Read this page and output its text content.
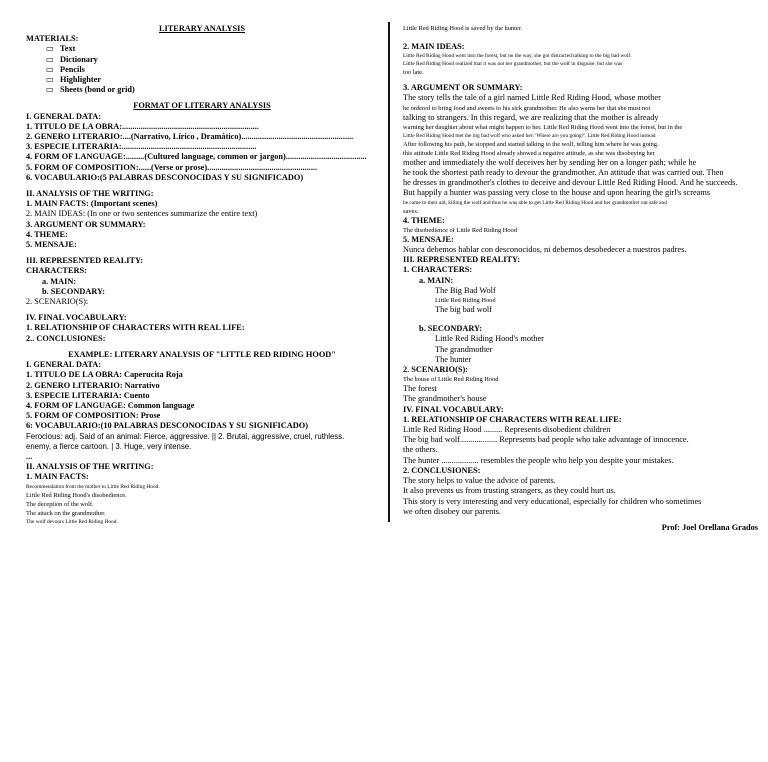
LITERARY ANALYSIS
MATERIALS:
▭ Text
▭ Dictionary
▭ Pencils
▭ Highlighter
▭ Sheets (bond or grid)
FORMAT OF LITERARY ANALYSIS
I. GENERAL DATA:
1. TITULO DE LA OBRA:..................................................................
2. GENERO LITERARIO:....(Narrativo, Lírico , Dramático)......................................................
3. ESPECIE LITERARIA:.................................................................
4. FORM OF LANGUAGE:.........(Cultured language, common or jargon).......................................
5. FORM OF COMPOSITION:......(Verse or prose).....................................................
6. VOCABULARIO:(5 PALABRAS DESCONOCIDAS Y SU SIGNIFICADO)
II. ANALYSIS OF THE WRITING:
1. MAIN FACTS: (Important scenes)
2. MAIN IDEAS: (In one or two sentences summarize the entire text)
3. ARGUMENT OR SUMMARY:
4. THEME:
5. MENSAJE:
III. REPRESENTED REALITY:
CHARACTERS:
a. MAIN:
b. SECONDARY:
2. SCENARIO(S):
IV. FINAL VOCABULARY:
1. RELATIONSHIP OF CHARACTERS WITH REAL LIFE:
2.. CONCLUSIONES:
EXAMPLE: LITERARY ANALYSIS OF "LITTLE RED RIDING HOOD"
I. GENERAL DATA:
1. TITULO DE LA OBRA: Caperucita Roja
2. GENERO LITERARIO: Narrativo
3. ESPECIE LITERARIA: Cuento
4. FORM OF LANGUAGE: Common language
5. FORM OF COMPOSITION: Prose
6: VOCABULARIO:(10 PALABRAS DESCONOCIDAS Y SU SIGNIFICADO)
Ferocious: adj. Said of an animal: Fierce, aggressive. || 2. Brutal, aggressive, cruel, ruthless.
enemy, a fierce cartoon. | 3. Huge, very intense.
...
II. ANALYSIS OF THE WRITING:
1. MAIN FACTS:
Recommendation from the mother to Little Red Riding Hood.
Little Red Riding Hood's disobedience.
The deception of the wolf.
The attack on the grandmother.
The wolf devours Little Red Riding Hood.
Little Red Riding Hood is saved by the hunter.
2. MAIN IDEAS:
Little Red Riding Hood went into the forest, but on the way, she got distracted talking to the big bad wolf.
Little Red Riding Hood realized that it was not her grandmother, but the wolf in disguise, but she was
too late.
3. ARGUMENT OR SUMMARY:
The story tells the tale of a girl named Little Red Riding Hood, whose mother
he ordered to bring food and sweets to his sick grandmother. He also warns her that she must not
talking to strangers. In this regard, we are realizing that the mother is already
warning her daughter about what might happen to her. Little Red Riding Hood went into the forest, but in the
Little Red Riding Hood met the big bad wolf who asked her: 'Where are you going?'. Little Red Riding Hood instead
After following his path, he stopped and started talking to the wolf, telling him where he was going.
this attitude Little Red Riding Hood already showed a negative attitude, as she was disobeying her
mother and immediately the wolf deceives her by sending her on a longer path; while he
he took the shortest path ready to devour the grandmother. An attitude that was carried out. Then
he dresses in grandmother's clothes to deceive and devour Little Red Riding Hood. And he succeeds.
But happily a hunter was passing very close to the house and upon hearing the girl's screams
he came to their aid, killing the wolf and thus he was able to get Little Red Riding Hood and her grandmother out safe and
saves.
4. THEME:
The disobedience of Little Red Riding Hood
5. MENSAJE:
Nunca debemos hablar con desconocidos, ni debemos desobedecer a nuestros padres.
III. REPRESENTED REALITY:
1. CHARACTERS:
a. MAIN:
The Big Bad Wolf
Little Red Riding Hood
The big bad wolf
b. SECONDARY:
Little Red Riding Hood's mother
The grandmother
The hunter
2. SCENARIO(S):
The house of Little Red Riding Hood
The forest
The grandmother's house
IV. FINAL VOCABULARY:
1. RELATIONSHIP OF CHARACTERS WITH REAL LIFE:
Little Red Riding Hood ......... Represents disobedient children
The big bad wolf.................. Represents bad people who take advantage of innocence.
the others.
The hunter .................. resembles the people who help you despite your mistakes.
2. CONCLUSIONES:
The story helps to value the advice of parents.
It also prevents us from trusting strangers, as they could hurt us.
This story is very interesting and very educational, especially for children who sometimes
we often disobey our parents.
Prof: Joel Orellana Grados
